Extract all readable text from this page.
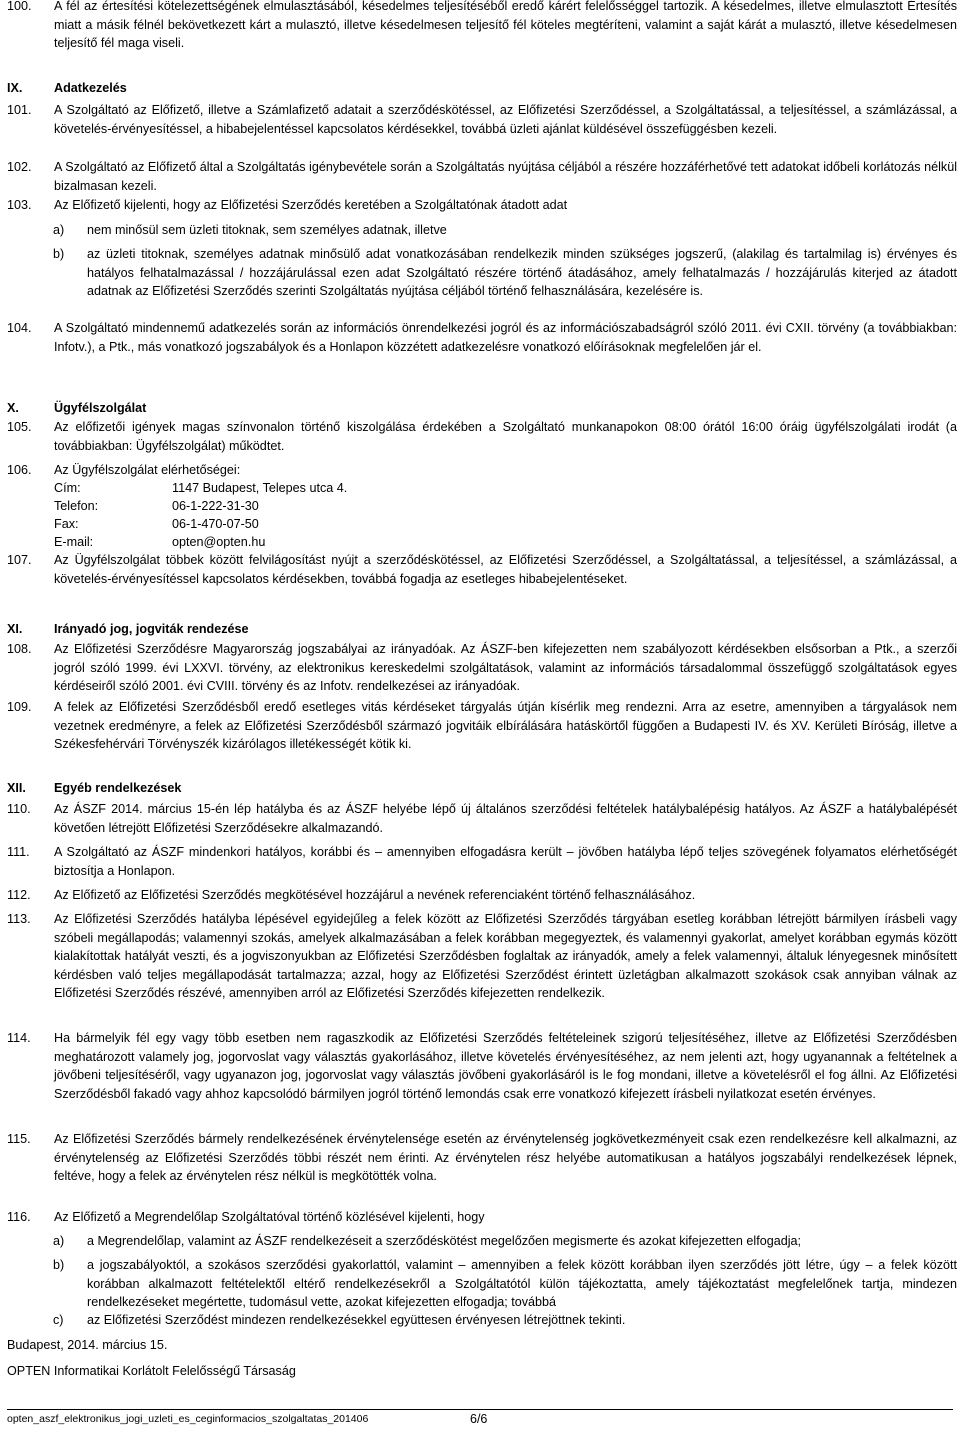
100.	A fél az értesítési kötelezettségének elmulasztásából, késedelmes teljesítéséből eredő kárért felelősséggel tartozik. A késedelmes, illetve elmulasztott Értesítés miatt a másik félnél bekövetkezett kárt a mulasztó, illetve késedelmesen teljesítő fél köteles megtéríteni, valamint a saját kárát a mulasztó, illetve késedelmesen teljesítő fél maga viseli.
IX.	Adatkezelés
101.	A Szolgáltató az Előfizető, illetve a Számlafizető adatait a szerződéskötéssel, az Előfizetési Szerződéssel, a Szolgáltatással, a teljesítéssel, a számlázással, a követelés-érvényesítéssel, a hibabejelentéssel kapcsolatos kérdésekkel, továbbá üzleti ajánlat küldésével összefüggésben kezeli.
102.	A Szolgáltató az Előfizető által a Szolgáltatás igénybevétele során a Szolgáltatás nyújtása céljából a részére hozzáférhetővé tett adatokat időbeli korlátozás nélkül bizalmasan kezeli.
103.	Az Előfizető kijelenti, hogy az Előfizetési Szerződés keretében a Szolgáltatónak átadott adat
a)	nem minősül sem üzleti titoknak, sem személyes adatnak, illetve
b)	az üzleti titoknak, személyes adatnak minősülő adat vonatkozásában rendelkezik minden szükséges jogszerű, (alakilag és tartalmilag is) érvényes és hatályos felhatalmazással / hozzájárulással ezen adat Szolgáltató részére történő átadásához, amely felhatalmazás / hozzájárulás kiterjed az átadott adatnak az Előfizetési Szerződés szerinti Szolgáltatás nyújtása céljából történő felhasználására, kezelésére is.
104.	A Szolgáltató mindennemű adatkezelés során az információs önrendelkezési jogról és az információszabadságról szóló 2011. évi CXII. törvény (a továbbiakban: Infotv.), a Ptk., más vonatkozó jogszabályok és a Honlapon közzétett adatkezelésre vonatkozó előírásoknak megfelelően jár el.
X.	Ügyfélszolgálat
105.	Az előfizetői igények magas színvonalon történő kiszolgálása érdekében a Szolgáltató munkanapokon 08:00 órától 16:00 óráig ügyfélszolgálati irodát (a továbbiakban: Ügyfélszolgálat) működtet.
106.	Az Ügyfélszolgálat elérhetőségei:
Cím:	1147 Budapest, Telepes utca 4.
Telefon:	06-1-222-31-30
Fax:	06-1-470-07-50
E-mail:	opten@opten.hu
107.	Az Ügyfélszolgálat többek között felvilágosítást nyújt a szerződéskötéssel, az Előfizetési Szerződéssel, a Szolgáltatással, a teljesítéssel, a számlázással, a követelés-érvényesítéssel kapcsolatos kérdésekben, továbbá fogadja az esetleges hibabejelentéseket.
XI.	Irányadó jog, jogviták rendezése
108.	Az Előfizetési Szerződésre Magyarország jogszabályai az irányadóak. Az ÁSZF-ben kifejezetten nem szabályozott kérdésekben elsősorban a Ptk., a szerzői jogról szóló 1999. évi LXXVI. törvény, az elektronikus kereskedelmi szolgáltatások, valamint az információs társadalommal összefüggő szolgáltatások egyes kérdéseiről szóló 2001. évi CVIII. törvény és az Infotv. rendelkezései az irányadóak.
109.	A felek az Előfizetési Szerződésből eredő esetleges vitás kérdéseket tárgyalás útján kísérlik meg rendezni. Arra az esetre, amennyiben a tárgyalások nem vezetnek eredményre, a felek az Előfizetési Szerződésből származó jogvitáik elbírálására hatáskörtől függően a Budapesti IV. és XV. Kerületi Bíróság, illetve a Székesfehérvári Törvényszék kizárólagos illetékességét kötik ki.
XII. Egyéb rendelkezések
110.	Az ÁSZF 2014. március 15-én lép hatályba és az ÁSZF helyébe lépő új általános szerződési feltételek hatálybalépésig hatályos. Az ÁSZF a hatálybalépését követően létrejött Előfizetési Szerződésekre alkalmazandó.
111.	A Szolgáltató az ÁSZF mindenkori hatályos, korábbi és – amennyiben elfogadásra került – jövőben hatályba lépő teljes szövegének folyamatos elérhetőségét biztosítja a Honlapon.
112.	Az Előfizető az Előfizetési Szerződés megkötésével hozzájárul a nevének referenciaként történő felhasználásához.
113.	Az Előfizetési Szerződés hatályba lépésével egyidejűleg a felek között az Előfizetési Szerződés tárgyában esetleg korábban létrejött bármilyen írásbeli vagy szóbeli megállapodás; valamennyi szokás, amelyek alkalmazásában a felek korábban megegyeztek, és valamennyi gyakorlat, amelyet korábban egymás között kialakítottak hatályát veszti, és a jogviszonyukban az Előfizetési Szerződésben foglaltak az irányadók, amely a felek valamennyi, általuk lényegesnek minősített kérdésben való teljes megállapodását tartalmazza; azzal, hogy az Előfizetési Szerződést érintett üzletágban alkalmazott szokások csak annyiban válnak az Előfizetési Szerződés részévé, amennyiben arról az Előfizetési Szerződés kifejezetten rendelkezik.
114.	Ha bármelyik fél egy vagy több esetben nem ragaszkodik az Előfizetési Szerződés feltételeinek szigorú teljesítéséhez, illetve az Előfizetési Szerződésben meghatározott valamely jog, jogorvoslat vagy választás gyakorlásához, illetve követelés érvényesítéséhez, az nem jelenti azt, hogy ugyanannak a feltételnek a jövőbeni teljesítéséről, vagy ugyanazon jog, jogorvoslat vagy választás jövőbeni gyakorlásáról is le fog mondani, illetve a követelésről el fog állni. Az Előfizetési Szerződésből fakadó vagy ahhoz kapcsolódó bármilyen jogról történő lemondás csak erre vonatkozó kifejezett írásbeli nyilatkozat esetén érvényes.
115.	Az Előfizetési Szerződés bármely rendelkezésének érvénytelensége esetén az érvénytelenség jogkövetkezményeit csak ezen rendelkezésre kell alkalmazni, az érvénytelenség az Előfizetési Szerződés többi részét nem érinti. Az érvénytelen rész helyébe automatikusan a hatályos jogszabályi rendelkezések lépnek, feltéve, hogy a felek az érvénytelen rész nélkül is megkötötték volna.
116.	Az Előfizető a Megrendelőlap Szolgáltatóval történő közlésével kijelenti, hogy
a)	a Megrendelőlap, valamint az ÁSZF rendelkezéseit a szerződéskötést megelőzően megismerte és azokat kifejezetten elfogadja;
b)	a jogszabályoktól, a szokásos szerződési gyakorlattól, valamint – amennyiben a felek között korábban ilyen szerződés jött létre, úgy – a felek között korábban alkalmazott feltételektől eltérő rendelkezésekről a Szolgáltatótól külön tájékoztatta, amely tájékoztatást megfelelőnek tartja, mindezen rendelkezéseket megértette, tudomásul vette, azokat kifejezetten elfogadja; továbbá
c)	az Előfizetési Szerződést mindezen rendelkezésekkel együttesen érvényesen létrejöttnek tekinti.
Budapest, 2014. március 15.
OPTEN Informatikai Korlátolt Felelősségű Társaság
opten_aszf_elektronikus_jogi_uzleti_es_ceginformacios_szolgaltatas_201406	6/6
